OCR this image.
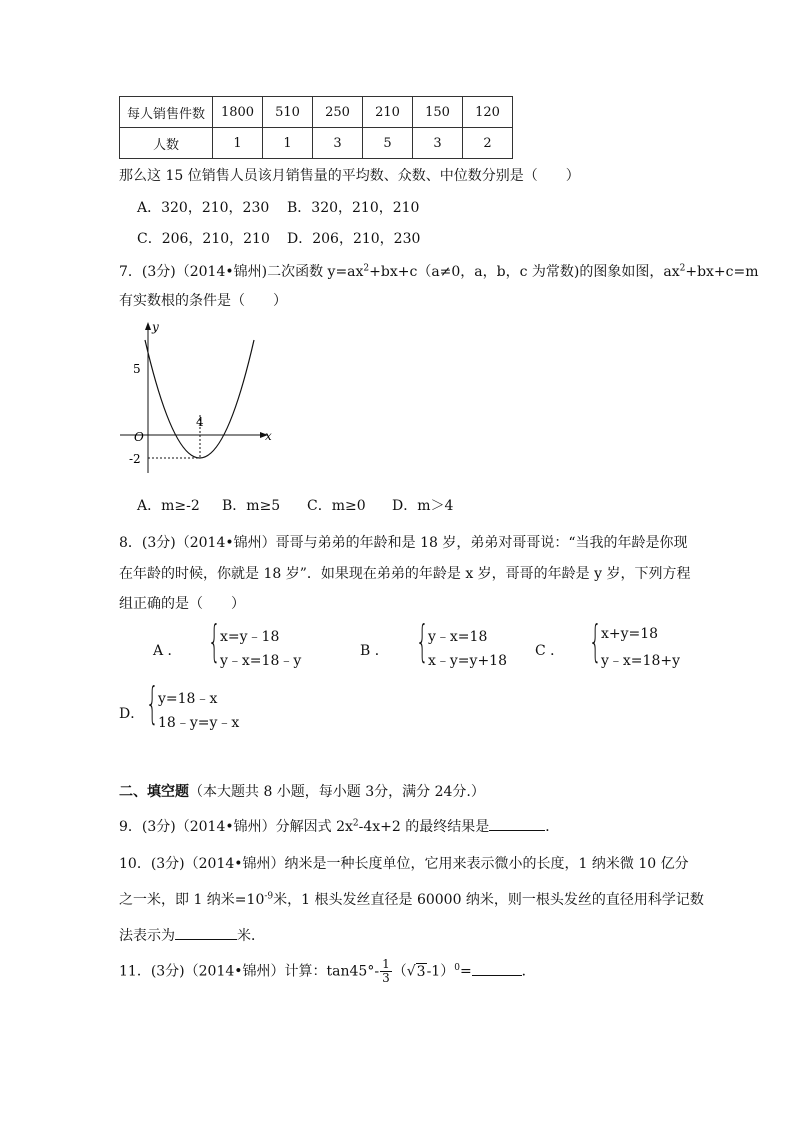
每人销售件数	1800	510	250	210	150	120
人数	1	1	3	5	3	2
那么这 15 位销售人员该月销售量的平均数、众数、中位数分别是（　　）
A．320，210，230 B．320，210，210
C．206，210，210 D．206，210，230
7．(3分)（2014•锦州)二次函数 $y=ax^2+bx+c(a\ne 0$，a，b，c 为常数)的图象如图，$ax^2+bx+c=m$
有实数根的条件是（　　）
y
x
O
5
-2
4
A．m≥-2 B．m≥5 C．m≥0 D．m＞4
8．(3分)（2014•锦州）哥哥与弟弟的年龄和是 18 岁，弟弟对哥哥说：“当我的年龄是你现
在年龄的时候，你就是 18 岁”．如果现在弟弟的年龄是 x 岁，哥哥的年龄是 y 岁，下列方程
组正确的是（　　）
A ． { x=y﹣18
y﹣x=18﹣y
B ． { y﹣x=18
x﹣y=y+18
C ． { x+y=18
y﹣x=18+y
D． { y=18﹣x
18﹣y=y﹣x
二、填空题（本大题共 8 小题，每小题 3分，满分 24分.）
9．(3分)（2014•锦州）分解因式 $2x^2-4x+2$ 的最终结果是	．
10．(3分)（2014•锦州）纳米是一种长度单位，它用来表示微小的长度，1 纳米微 10 亿分
之一米，即 1 纳米$=10^{-9}$米，1 根头发丝直径是 60000 纳米，则一根头发丝的直径用科学记数
法表示为	米．
11．(3分)（2014•锦州）计算：$\tan 45^\circ- \frac{1}{3} (√3-1)^0=$	．
